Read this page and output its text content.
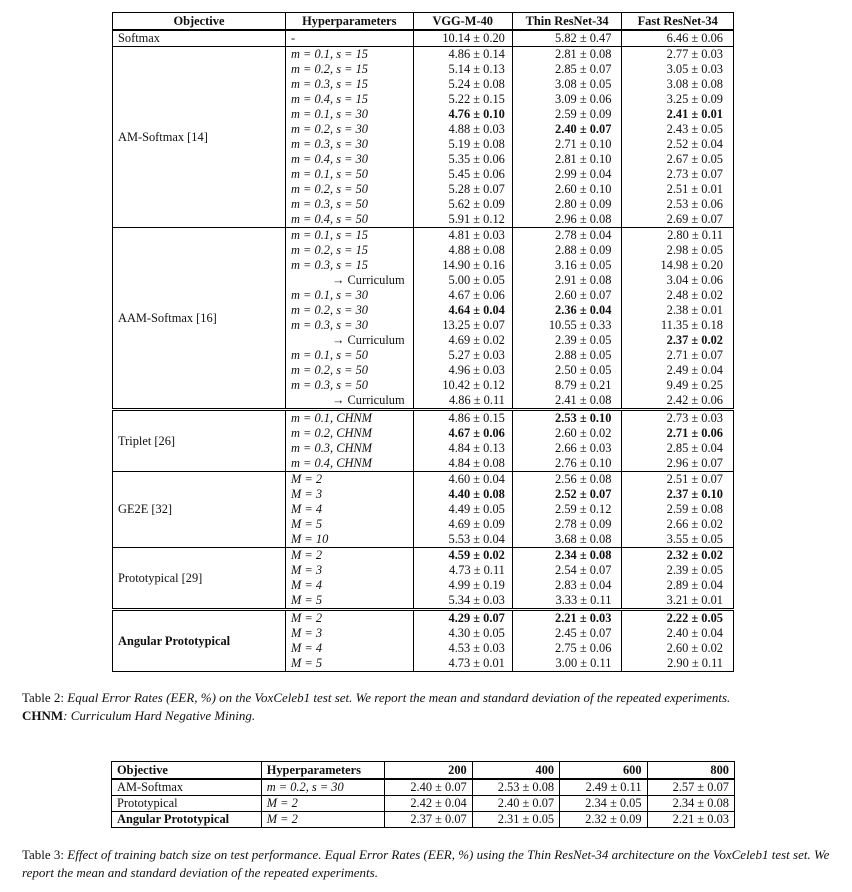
Objective	Hyperparameters	VGG-M-40	Thin ResNet-34	Fast ResNet-34
Softmax	-	10.14 ± 0.20	5.82 ± 0.47	6.46 ± 0.06
AM-Softmax [14]	m = 0.1, s = 15	4.86 ± 0.14	2.81 ± 0.08	2.77 ± 0.03
	m = 0.2, s = 15	5.14 ± 0.13	2.85 ± 0.07	3.05 ± 0.03
	m = 0.3, s = 15	5.24 ± 0.08	3.08 ± 0.05	3.08 ± 0.08
	m = 0.4, s = 15	5.22 ± 0.15	3.09 ± 0.06	3.25 ± 0.09
	m = 0.1, s = 30	4.76 ± 0.10	2.59 ± 0.09	2.41 ± 0.01
	m = 0.2, s = 30	4.88 ± 0.03	2.40 ± 0.07	2.43 ± 0.05
	m = 0.3, s = 30	5.19 ± 0.08	2.71 ± 0.10	2.52 ± 0.04
	m = 0.4, s = 30	5.35 ± 0.06	2.81 ± 0.10	2.67 ± 0.05
	m = 0.1, s = 50	5.45 ± 0.06	2.99 ± 0.04	2.73 ± 0.07
	m = 0.2, s = 50	5.28 ± 0.07	2.60 ± 0.10	2.51 ± 0.01
	m = 0.3, s = 50	5.62 ± 0.09	2.80 ± 0.09	2.53 ± 0.06
	m = 0.4, s = 50	5.91 ± 0.12	2.96 ± 0.08	2.69 ± 0.07
AAM-Softmax [16]	m = 0.1, s = 15	4.81 ± 0.03	2.78 ± 0.04	2.80 ± 0.11
	m = 0.2, s = 15	4.88 ± 0.08	2.88 ± 0.09	2.98 ± 0.05
	m = 0.3, s = 15	14.90 ± 0.16	3.16 ± 0.05	14.98 ± 0.20
	→ Curriculum	5.00 ± 0.05	2.91 ± 0.08	3.04 ± 0.06
	m = 0.1, s = 30	4.67 ± 0.06	2.60 ± 0.07	2.48 ± 0.02
	m = 0.2, s = 30	4.64 ± 0.04	2.36 ± 0.04	2.38 ± 0.01
	m = 0.3, s = 30	13.25 ± 0.07	10.55 ± 0.33	11.35 ± 0.18
	→ Curriculum	4.69 ± 0.02	2.39 ± 0.05	2.37 ± 0.02
	m = 0.1, s = 50	5.27 ± 0.03	2.88 ± 0.05	2.71 ± 0.07
	m = 0.2, s = 50	4.96 ± 0.03	2.50 ± 0.05	2.49 ± 0.04
	m = 0.3, s = 50	10.42 ± 0.12	8.79 ± 0.21	9.49 ± 0.25
	→ Curriculum	4.86 ± 0.11	2.41 ± 0.08	2.42 ± 0.06
Triplet [26]	m = 0.1, CHNM	4.86 ± 0.15	2.53 ± 0.10	2.73 ± 0.03
	m = 0.2, CHNM	4.67 ± 0.06	2.60 ± 0.02	2.71 ± 0.06
	m = 0.3, CHNM	4.84 ± 0.13	2.66 ± 0.03	2.85 ± 0.04
	m = 0.4, CHNM	4.84 ± 0.08	2.76 ± 0.10	2.96 ± 0.07
GE2E [32]	M = 2	4.60 ± 0.04	2.56 ± 0.08	2.51 ± 0.07
	M = 3	4.40 ± 0.08	2.52 ± 0.07	2.37 ± 0.10
	M = 4	4.49 ± 0.05	2.59 ± 0.12	2.59 ± 0.08
	M = 5	4.69 ± 0.09	2.78 ± 0.09	2.66 ± 0.02
	M = 10	5.53 ± 0.04	3.68 ± 0.08	3.55 ± 0.05
Prototypical [29]	M = 2	4.59 ± 0.02	2.34 ± 0.08	2.32 ± 0.02
	M = 3	4.73 ± 0.11	2.54 ± 0.07	2.39 ± 0.05
	M = 4	4.99 ± 0.19	2.83 ± 0.04	2.89 ± 0.04
	M = 5	5.34 ± 0.03	3.33 ± 0.11	3.21 ± 0.01
Angular Prototypical	M = 2	4.29 ± 0.07	2.21 ± 0.03	2.22 ± 0.05
	M = 3	4.30 ± 0.05	2.45 ± 0.07	2.40 ± 0.04
	M = 4	4.53 ± 0.03	2.75 ± 0.06	2.60 ± 0.02
	M = 5	4.73 ± 0.01	3.00 ± 0.11	2.90 ± 0.11
Table 2: Equal Error Rates (EER, %) on the VoxCeleb1 test set. We report the mean and standard deviation of the repeated experiments.
CHNM: Curriculum Hard Negative Mining.
Objective	Hyperparameters	200	400	600	800
AM-Softmax	m = 0.2, s = 30	2.40 ± 0.07	2.53 ± 0.08	2.49 ± 0.11	2.57 ± 0.07
Prototypical	M = 2	2.42 ± 0.04	2.40 ± 0.07	2.34 ± 0.05	2.34 ± 0.08
Angular Prototypical	M = 2	2.37 ± 0.07	2.31 ± 0.05	2.32 ± 0.09	2.21 ± 0.03
Table 3: Effect of training batch size on test performance. Equal Error Rates (EER, %) using the Thin ResNet-34 architecture on the VoxCeleb1 test set. We report the mean and standard deviation of the repeated experiments.
